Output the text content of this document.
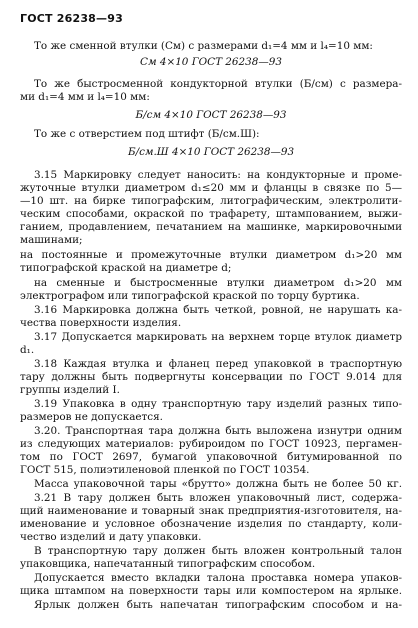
ГОСТ 26238—93
То же сменной втулки (См) с размерами d₁=4 мм и l₄=10 мм:
См 4×10 ГОСТ 26238—93
То же быстросменной кондукторной втулки (Б/см) с размера-
ми d₁=4 мм и l₄=10 мм:
Б/см 4×10 ГОСТ 26238—93
То же с отверстием под штифт (Б/см.Ш):
Б/см.Ш 4×10 ГОСТ 26238—93
3.15 Маркировку следует наносить: на кондукторные и проме-
жуточные втулки диаметром d₁≤20 мм и фланцы в связке по 5—
—10 шт. на бирке типографским, литографическим, электролити-
ческим способами, окраской по трафарету, штампованием, выжи-
ганием, продавлением, печатанием на машинке, маркировочными
машинами;
на постоянные и промежуточные втулки диаметром d₁>20 мм
типографской краской на диаметре d;
на сменные и быстросменные втулки диаметром d₁>20 мм
электрографом или типографской краской по торцу буртика.
3.16 Маркировка должна быть четкой, ровной, не нарушать ка-
чества поверхности изделия.
3.17 Допускается маркировать на верхнем торце втулок диаметр
d₁.
3.18 Каждая втулка и фланец перед упаковкой в траспортную
тару должны быть подвергнуты консервации по ГОСТ 9.014 для
группы изделий I.
3.19 Упаковка в одну транспортную тару изделий разных типо-
размеров не допускается.
3.20. Транспортная тара должна быть выложена изнутри одним
из следующих материалов: рубироидом по ГОСТ 10923, пергамен-
том по ГОСТ 2697, бумагой упаковочной битумированной по
ГОСТ 515, полиэтиленовой пленкой по ГОСТ 10354.
Масса упаковочной тары «брутто» должна быть не более 50 кг.
3.21 В тару должен быть вложен упаковочный лист, содержа-
щий наименование и товарный знак предприятия-изготовителя, на-
именование и условное обозначение изделия по стандарту, коли-
чество изделий и дату упаковки.
В транспортную тару должен быть вложен контрольный талон
упаковщика, напечатанный типографским способом.
Допускается вместо вкладки талона проставка номера упаков-
щика штампом на поверхности тары или компостером на ярлыке.
Ярлык должен быть напечатан типографским способом и на-
